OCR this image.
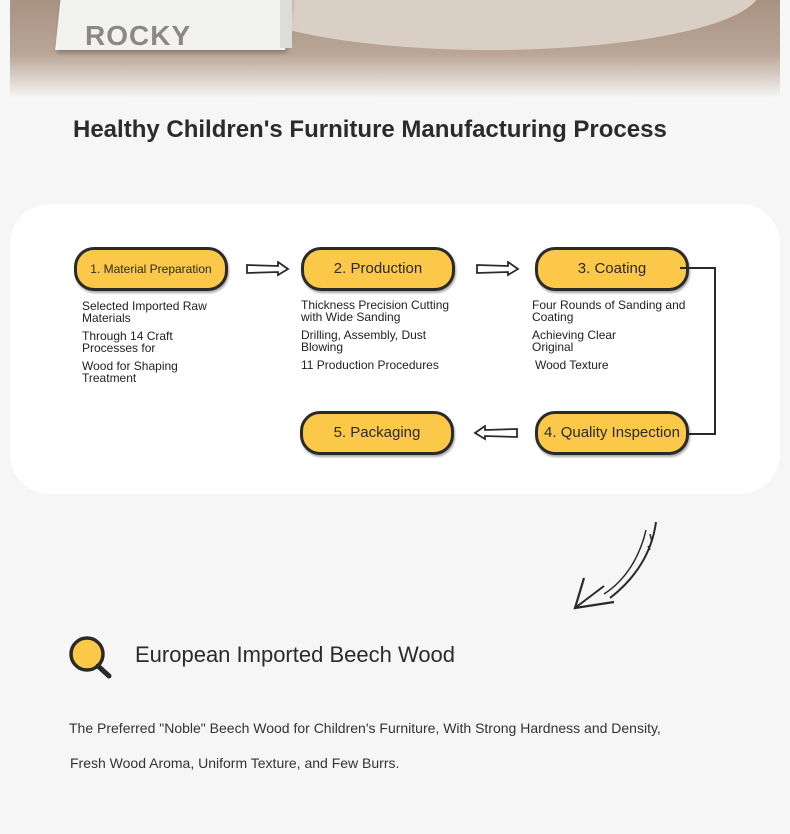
ROCKY
Healthy Children's Furniture Manufacturing Process
1. Material Preparation
Selected Imported Raw Materials
Through 14 Craft Processes for
Wood for Shaping Treatment
2. Production
Thickness Precision Cutting with Wide Sanding
Drilling, Assembly, Dust Blowing
11 Production Procedures
3. Coating
Four Rounds of Sanding and Coating
Achieving Clear Original
Wood Texture
4. Quality Inspection
5. Packaging
European Imported Beech Wood
The Preferred "Noble" Beech Wood for Children's Furniture, With Strong Hardness and Density,
Fresh Wood Aroma, Uniform Texture, and Few Burrs.
